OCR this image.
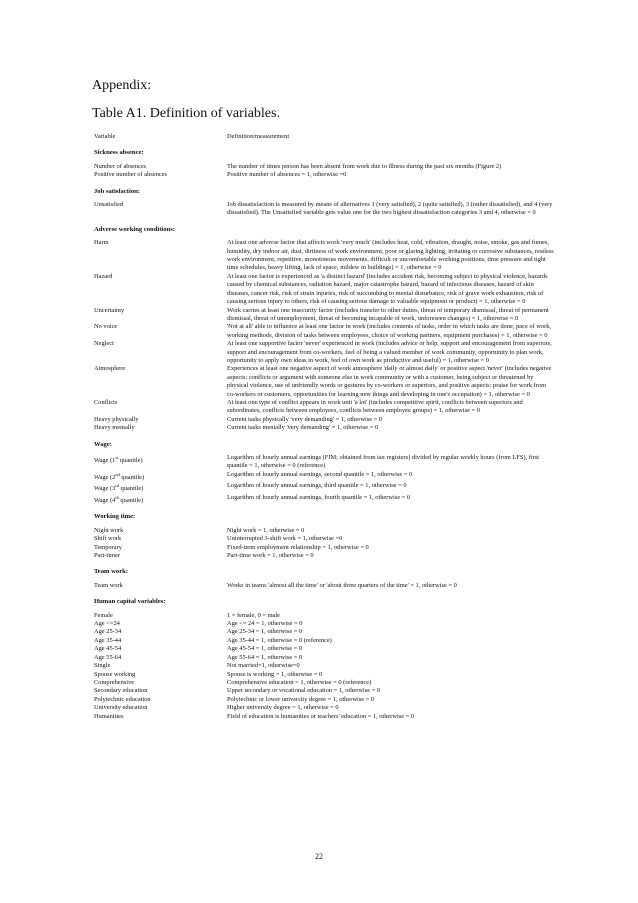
Appendix:
Table A1. Definition of variables.
Variable	Definition/measurement
Sickness absence:
Number of absences	The number of times person has been absent from work due to illness during the past six months (Figure 2)
Positive number of absences	Positive number of absences = 1, otherwise =0
Job satisfaction:
Unsatisfied	Job dissatisfaction is measured by means of alternatives 1 (very satisfied), 2 (quite satisfied), 3 (rather dissatisfied), and 4 (very dissatisfied). The Unsatisfied variable gets value one for the two highest dissatisfaction categories 3 and 4, otherwise = 0
Adverse working conditions:
Harm	At least one adverse factor that affects work 'very much' (includes heat, cold, vibration, draught, noise, smoke, gas and fumes, humidity, dry indoor air, dust, dirtiness of work environment, poor or glaring lighting, irritating or corrosive substances, restless work environment, repetitive, monotonous movements, difficult or uncomfortable working positions, time pressure and tight time schedules, heavy lifting, lack of space, mildew in buildings) = 1, otherwise = 0
Hazard	At least one factor is experienced as 'a distinct hazard' (includes accident risk, becoming subject to physical violence, hazards caused by chemical substances, radiation hazard, major catastrophe hazard, hazard of infectious diseases, hazard of skin diseases, cancer risk, risk of strain injuries, risk of succumbing to mental disturbance, risk of grave work exhaustion, risk of causing serious injury to others, risk of causing serious damage to valuable equipment or product) = 1, otherwise = 0
Uncertainty	Work carries at least one insecurity factor (includes transfer to other duties, threat of temporary dismissal, threat of permanent dismissal, threat of unemployment, threat of becoming incapable of work, unforeseen changes) = 1, otherwise = 0
No voice	'Not at all' able to influence at least one factor in work (includes contents of tasks, order in which tasks are done, pace of work, working methods, division of tasks between employees, choice of working partners, equipment purchases) = 1, otherwise = 0
Neglect	At least one supportive factor 'never' experienced in work (includes advice or help, support and encouragement from superiors, support and encouragement from co-workers, feel of being a valued member of work community, opportunity to plan work, opportunity to apply own ideas in work, feel of own work as productive and useful) = 1, otherwise = 0
Atmosphere	Experiences at least one negative aspect of work atmosphere 'daily or almost daily' or positive aspect 'never' (includes negative aspects: conflicts or argument with someone else in work community or with a customer, being subject or threatened by physical violence, use of unfriendly words or gestures by co-workers or superiors, and positive aspects: praise for work from co-workers or customers, opportunities for learning new things and developing in one's occupation) = 1, otherwise = 0
Conflicts	At least one type of conflict appears in work unit 'a lot' (includes competitive spirit, conflicts between superiors and subordinates, conflicts between employees, conflicts between employee groups) = 1, otherwise = 0
Heavy physically	Current tasks physically 'very demanding' = 1, otherwise = 0
Heavy mentally	Current tasks mentally 'very demanding' = 1, otherwise = 0
Wage:
Wage (1st quantile)	Logarithm of hourly annual earnings (FIM; obtained from tax registers) divided by regular weekly hours (from LFS), first quantile = 1, otherwise = 0 (reference)
Wage (2nd quantile)	Logarithm of hourly annual earnings, second quantile = 1, otherwise = 0
Wage (3rd quantile)	Logarithm of hourly annual earnings, third quantile = 1, otherwise = 0
Wage (4th quantile)	Logarithm of hourly annual earnings, fourth quantile = 1, otherwise = 0
Working time:
Night work	Night work = 1, otherwise = 0
Shift work	Uninterrupted 3-shift work = 1, otherwise =0
Temporary	Fixed-term employment relationship = 1, otherwise = 0
Part-timer	Part-time work = 1, otherwise = 0
Team work:
Team work	Works in teams 'almost all the time' or 'about three quarters of the time' = 1, otherwise = 0
Human capital variables:
Female	1 = female, 0 = male
Age <=24	Age <= 24 = 1, otherwise = 0
Age 25-34	Age 25-34 = 1, otherwise = 0
Age 35-44	Age 35-44 = 1, otherwise = 0 (reference)
Age 45-54	Age 45-54 = 1, otherwise = 0
Age 55-64	Age 55-64 = 1, otherwise = 0
Single	Not married=1, otherwise=0
Spouse working	Spouse is working = 1, otherwise = 0
Comprehensive	Comprehensive education = 1, otherwise = 0 (reference)
Secondary education	Upper secondary or vocational education = 1, otherwise = 0
Polytechnic education	Polytechnic or lower university degree = 1, otherwise = 0
University education	Higher university degree = 1, otherwise = 0
Humanities	Field of education is humanities or teachers' education = 1, otherwise = 0
22
